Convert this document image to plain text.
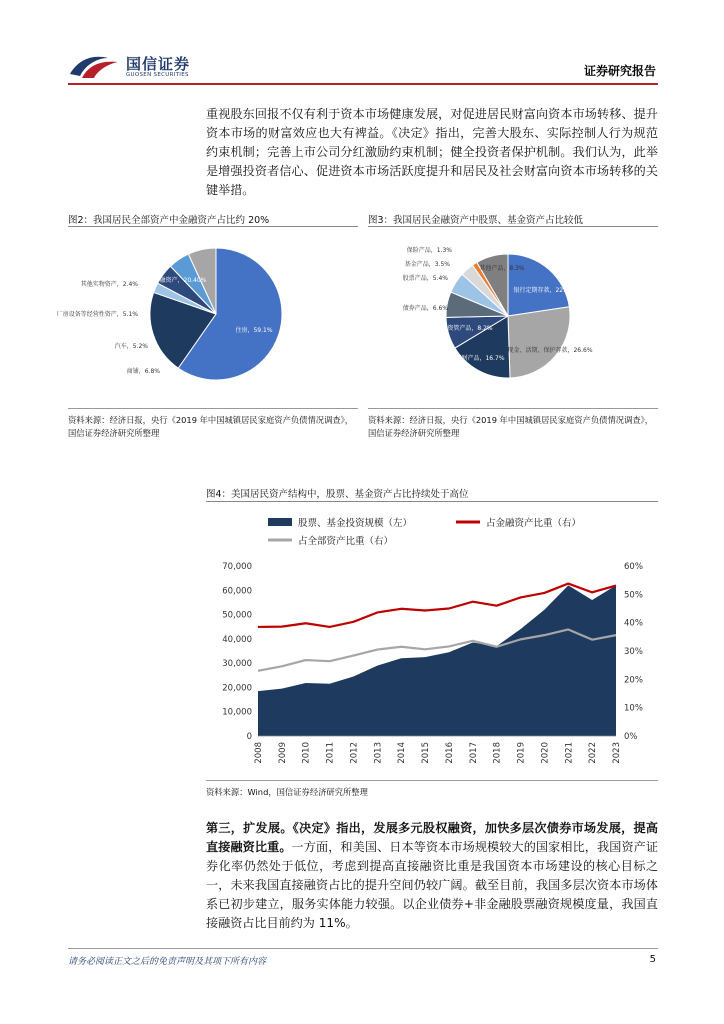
国信证券
GUOSEN SECURITIES	证券研究报告
重视股东回报不仅有利于资本市场健康发展，对促进居民财富向资本市场转移、提升资本市场的财富效应也大有裨益。《决定》指出，完善大股东、实际控制人行为规范约束机制；完善上市公司分红激励约束机制；健全投资者保护机制。我们认为，此举是增强投资者信心、促进资本市场活跃度提升和居民及社会财富向资本市场转移的关键举措。
图2：我国居民全部资产中金融资产占比约 20%
住房，59.1%
金融资产，20.40%
其他实物资产，2.4%
厂房设备等经营性资产，5.1%
汽车，5.2%
商铺，6.8%
资料来源：经济日报，央行《2019 年中国城镇居民家庭资产负债情况调查》，国信证券经济研究所整理
图3：我国居民金融资产中股票、基金资产占比较低
银行定期存款，22.4%
现金、活期、保护存款，26.6%
银行理财产品，16.7%
资管产品，8.2%
债券产品，6.6%
股票产品，5.4%
基金产品，3.5%
保险产品，1.3%
其他产品，8.3%
资料来源：经济日报，央行《2019 年中国城镇居民家庭资产负债情况调查》，国信证券经济研究所整理
图4：美国居民资产结构中，股票、基金资产占比持续处于高位
股票、基金投资规模（左）	占金融资产比重（右）
占全部资产比重（右）
0
10,000
20,000
30,000
40,000
50,000
60,000
70,000
0%
10%
20%
30%
40%
50%
60%
2008 2009 2010 2011 2012 2013 2014 2015 2016 2017 2018 2019 2020 2021 2022 2023
资料来源：Wind，国信证券经济研究所整理
第三，扩发展。《决定》指出，发展多元股权融资，加快多层次债券市场发展，提高直接融资比重。一方面，和美国、日本等资本市场规模较大的国家相比，我国资产证券化率仍然处于低位，考虑到提高直接融资比重是我国资本市场建设的核心目标之一，未来我国直接融资占比的提升空间仍较广阔。截至目前，我国多层次资本市场体系已初步建立，服务实体能力较强。以企业债券+非金融股票融资规模度量，我国直接融资占比目前约为 11%。
请务必阅读正文之后的免责声明及其项下所有内容	5
